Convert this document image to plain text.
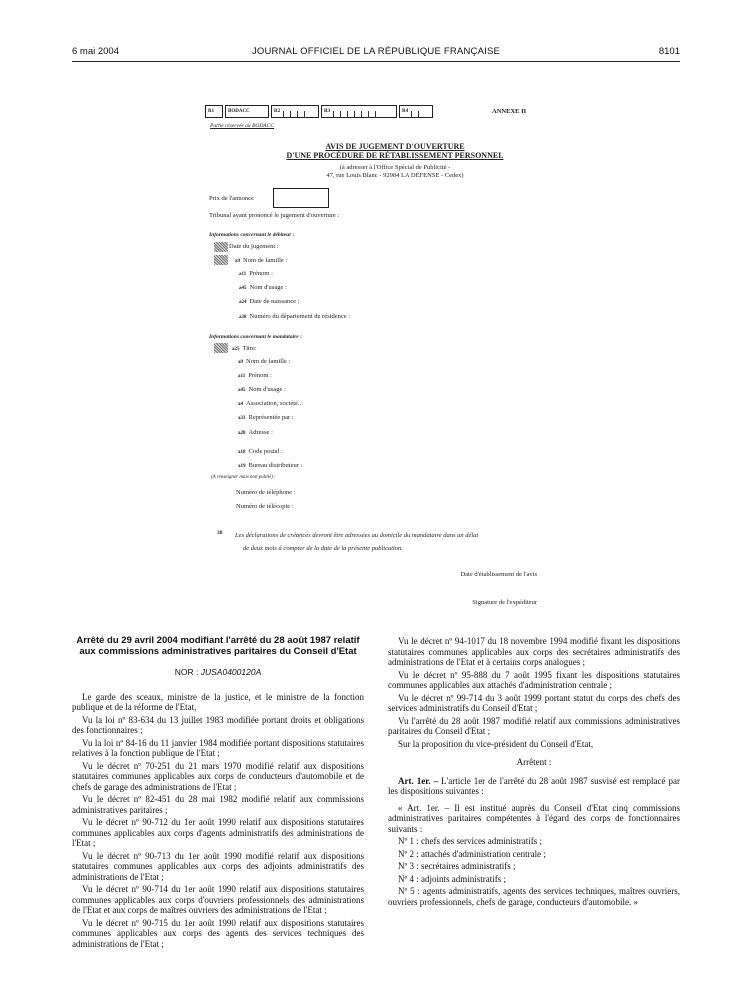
6 mai 2004	JOURNAL OFFICIEL DE LA RÉPUBLIQUE FRANÇAISE	8101
R1	BODACC	R2	R3	R4	ANNEXE II
Partie réservée au BODACC
AVIS DE JUGEMENT D'OUVERTURE
D'UNE PROCÉDURE DE RÉTABLISSEMENT PERSONNEL
(à adresser à l'Office Spécial de Publicité -
47, rue Louis Blanc - 92984 LA DÉFENSE - Cedex)
Prix de l'annonce
Tribunal ayant prononcé le jugement d'ouverture :
Informations concernant le débiteur :
Date du jugement :
a9 Nom de famille :
a11 Prénom :
a45 Nom d'usage :
a24 Date de naissance :
a38 Numéro du département de résidence :
Informations concernant le mandataire :
a25 Titre:
a9 Nom de famille :
a11 Prénom :
a45 Nom d'usage :
a4 Association, société..:
a33 Représentée par :
a28 Adresse :
a18 Code postal :
a19 Bureau distributeur :
(A renseigner mais non publié) :
Numéro de téléphone :
Numéro de télécopie :
38 Les déclarations de créances devront être adressées au domicile du mandataire dans un délai
de deux mois à compter de la date de la présente publication.
Date d'établissement de l'avis
Signature de l'expéditeur

Arrêté du 29 avril 2004 modifiant l'arrêté du 28 août 1987 relatif aux commissions administratives paritaires du Conseil d'Etat

NOR : JUSA0400120A

Le garde des sceaux, ministre de la justice, et le ministre de la fonction publique et de la réforme de l'Etat,

Vu la loi nº 83-634 du 13 juillet 1983 modifiée portant droits et obligations des fonctionnaires ;

Vu la loi nº 84-16 du 11 janvier 1984 modifiée portant dispositions statutaires relatives à la fonction publique de l'Etat ;

Vu le décret nº 70-251 du 21 mars 1970 modifié relatif aux dispositions statutaires communes applicables aux corps de conducteurs d'automobile et de chefs de garage des administrations de l'Etat ;

Vu le décret nº 82-451 du 28 mai 1982 modifié relatif aux commissions administratives paritaires ;

Vu le décret nº 90-712 du 1er août 1990 relatif aux dispositions statutaires communes applicables aux corps d'agents administratifs des administrations de l'Etat ;

Vu le décret nº 90-713 du 1er août 1990 modifié relatif aux dispositions statutaires communes applicables aux corps des adjoints administratifs des administrations de l'Etat ;

Vu le décret nº 90-714 du 1er août 1990 relatif aux dispositions statutaires communes applicables aux corps d'ouvriers professionnels des administrations de l'Etat et aux corps de maîtres ouvriers des administrations de l'Etat ;

Vu le décret nº 90-715 du 1er août 1990 relatif aux dispositions statutaires communes applicables aux corps des agents des services techniques des administrations de l'Etat ;

Vu le décret nº 94-1017 du 18 novembre 1994 modifié fixant les dispositions statutaires communes applicables aux corps des secrétaires administratifs des administrations de l'Etat et à certains corps analogues ;

Vu le décret nº 95-888 du 7 août 1995 fixant les dispositions statutaires communes applicables aux attachés d'administration centrale ;

Vu le décret nº 99-714 du 3 août 1999 portant statut du corps des chefs des services administratifs du Conseil d'Etat ;

Vu l'arrêté du 28 août 1987 modifié relatif aux commissions administratives paritaires du Conseil d'Etat ;

Sur la proposition du vice-président du Conseil d'Etat,

Arrêtent :

Art. 1er. – L'article 1er de l'arrêté du 28 août 1987 susvisé est remplacé par les dispositions suivantes :

« Art. 1er. – Il est institué auprès du Conseil d'Etat cinq commissions administratives paritaires compétentes à l'égard des corps de fonctionnaires suivants :

Nº 1 : chefs des services administratifs ;

Nº 2 : attachés d'administration centrale ;

Nº 3 : secrétaires administratifs ;

Nº 4 : adjoints administratifs ;

Nº 5 : agents administratifs, agents des services techniques, maîtres ouvriers, ouvriers professionnels, chefs de garage, conducteurs d'automobile. »
